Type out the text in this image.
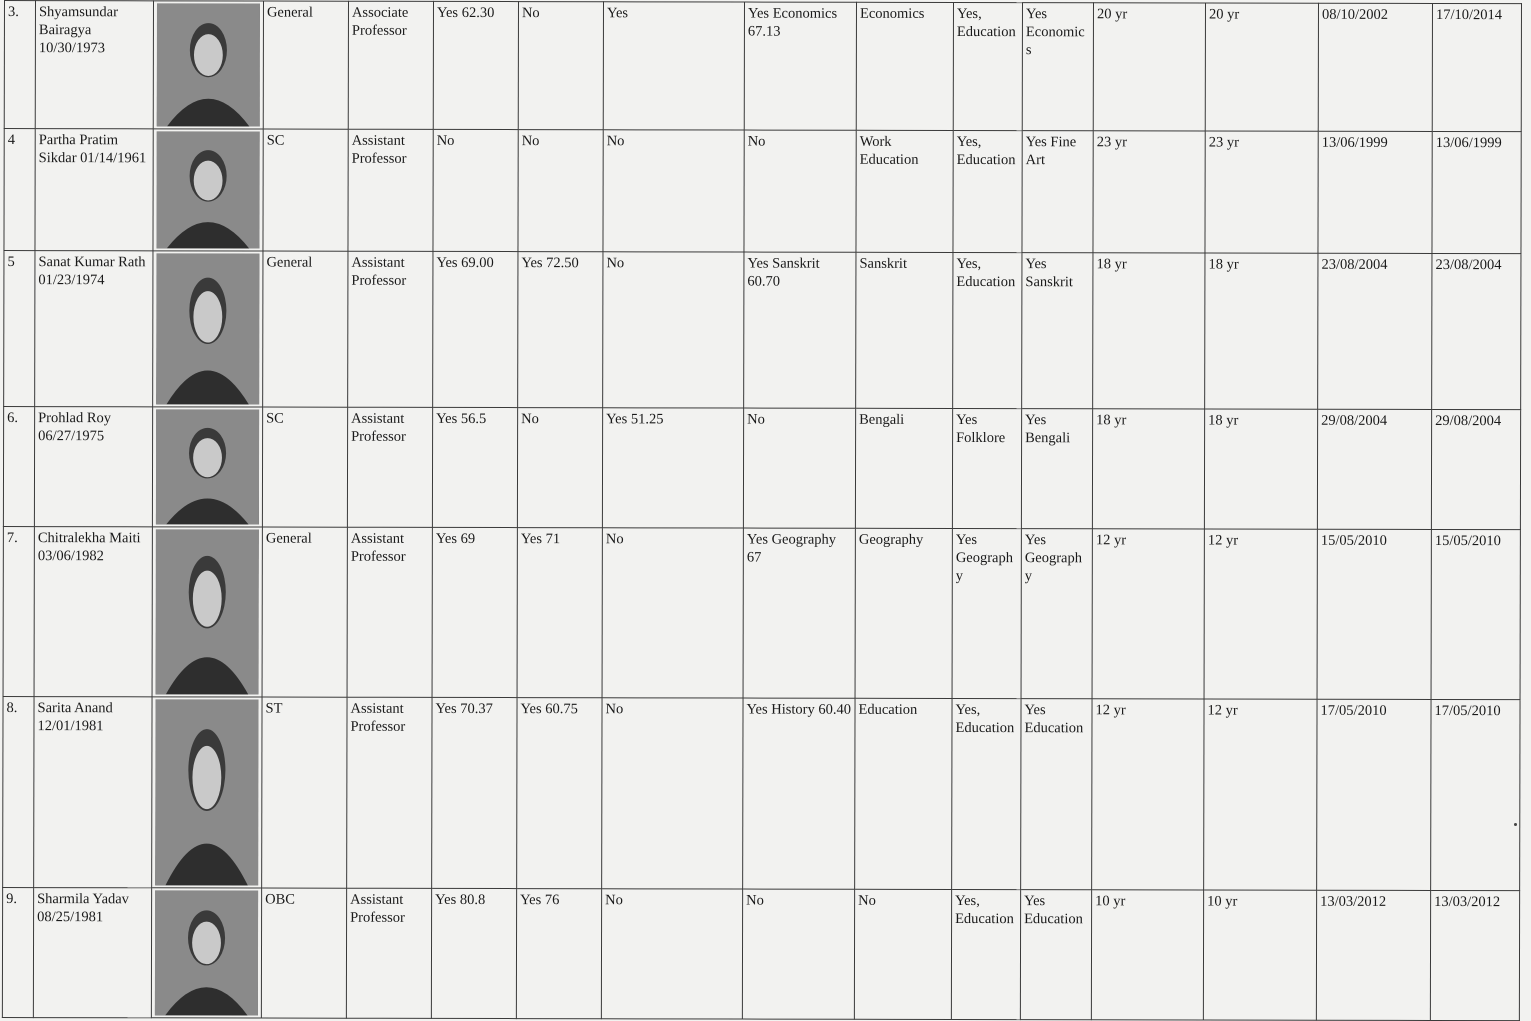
3.	Shyamsundar Bairagya 10/30/1973		General	Associate Professor	Yes 62.30	No	Yes	Yes Economics 67.13	Economics	Yes, Education	Yes Economic s	20 yr	20 yr	08/10/2002	17/10/2014
4	Partha Pratim Sikdar 01/14/1961		SC	Assistant Professor	No	No	No	No	Work Education	Yes, Education	Yes Fine Art	23 yr	23 yr	13/06/1999	13/06/1999
5	Sanat Kumar Rath 01/23/1974		General	Assistant Professor	Yes 69.00	Yes 72.50	No	Yes Sanskrit 60.70	Sanskrit	Yes, Education	Yes Sanskrit	18 yr	18 yr	23/08/2004	23/08/2004
6.	Prohlad Roy 06/27/1975		SC	Assistant Professor	Yes 56.5	No	Yes 51.25	No	Bengali	Yes Folklore	Yes Bengali	18 yr	18 yr	29/08/2004	29/08/2004
7.	Chitralekha Maiti 03/06/1982		General	Assistant Professor	Yes 69	Yes 71	No	Yes Geography 67	Geography	Yes Geography	Yes Geograph y	12 yr	12 yr	15/05/2010	15/05/2010
8.	Sarita Anand 12/01/1981		ST	Assistant Professor	Yes 70.37	Yes 60.75	No	Yes History 60.40	Education	Yes, Education	Yes Education	12 yr	12 yr	17/05/2010	17/05/2010
9.	Sharmila Yadav 08/25/1981		OBC	Assistant Professor	Yes 80.8	Yes 76	No	No	No	Yes, Education	Yes Education	10 yr	10 yr	13/03/2012	13/03/2012
